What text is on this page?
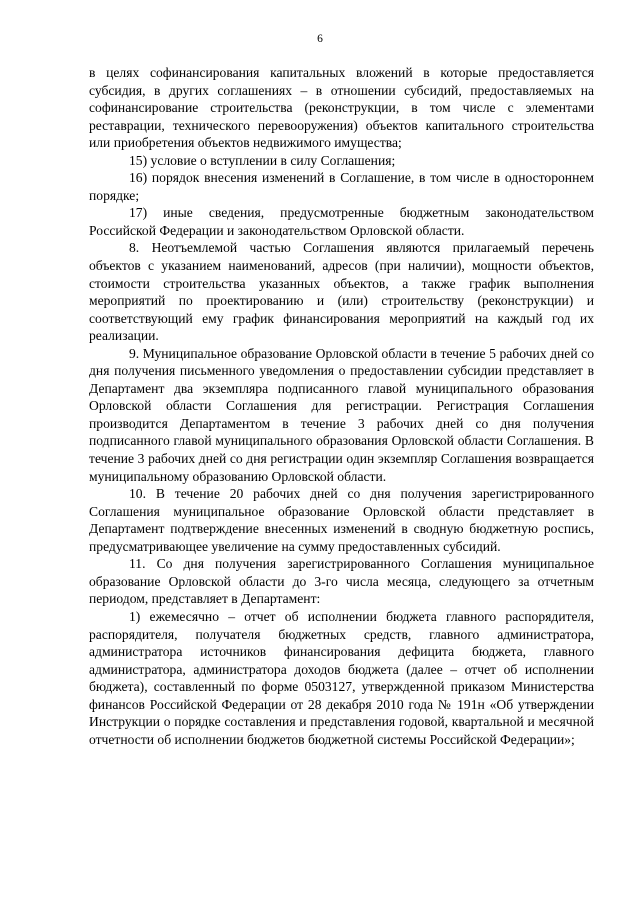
6

в целях софинансирования капитальных вложений в которые предоставляется субсидия, в других соглашениях – в отношении субсидий, предоставляемых на софинансирование строительства (реконструкции, в том числе с элементами реставрации, технического перевооружения) объектов капитального строительства или приобретения объектов недвижимого имущества;

15) условие о вступлении в силу Соглашения;

16) порядок внесения изменений в Соглашение, в том числе в одностороннем порядке;

17) иные сведения, предусмотренные бюджетным законодательством Российской Федерации и законодательством Орловской области.

8. Неотъемлемой частью Соглашения являются прилагаемый перечень объектов с указанием наименований, адресов (при наличии), мощности объектов, стоимости строительства указанных объектов, а также график выполнения мероприятий по проектированию и (или) строительству (реконструкции) и соответствующий ему график финансирования мероприятий на каждый год их реализации.

9. Муниципальное образование Орловской области в течение 5 рабочих дней со дня получения письменного уведомления о предоставлении субсидии представляет в Департамент два экземпляра подписанного главой муниципального образования Орловской области Соглашения для регистрации. Регистрация Соглашения производится Департаментом в течение 3 рабочих дней со дня получения подписанного главой муниципального образования Орловской области Соглашения. В течение 3 рабочих дней со дня регистрации один экземпляр Соглашения возвращается муниципальному образованию Орловской области.

10. В течение 20 рабочих дней со дня получения зарегистрированного Соглашения муниципальное образование Орловской области представляет в Департамент подтверждение внесенных изменений в сводную бюджетную роспись, предусматривающее увеличение на сумму предоставленных субсидий.

11. Со дня получения зарегистрированного Соглашения муниципальное образование Орловской области до 3-го числа месяца, следующего за отчетным периодом, представляет в Департамент:

1) ежемесячно – отчет об исполнении бюджета главного распорядителя, распорядителя, получателя бюджетных средств, главного администратора, администратора источников финансирования дефицита бюджета, главного администратора, администратора доходов бюджета (далее – отчет об исполнении бюджета), составленный по форме 0503127, утвержденной приказом Министерства финансов Российской Федерации от 28 декабря 2010 года № 191н «Об утверждении Инструкции о порядке составления и представления годовой, квартальной и месячной отчетности об исполнении бюджетов бюджетной системы Российской Федерации»;
